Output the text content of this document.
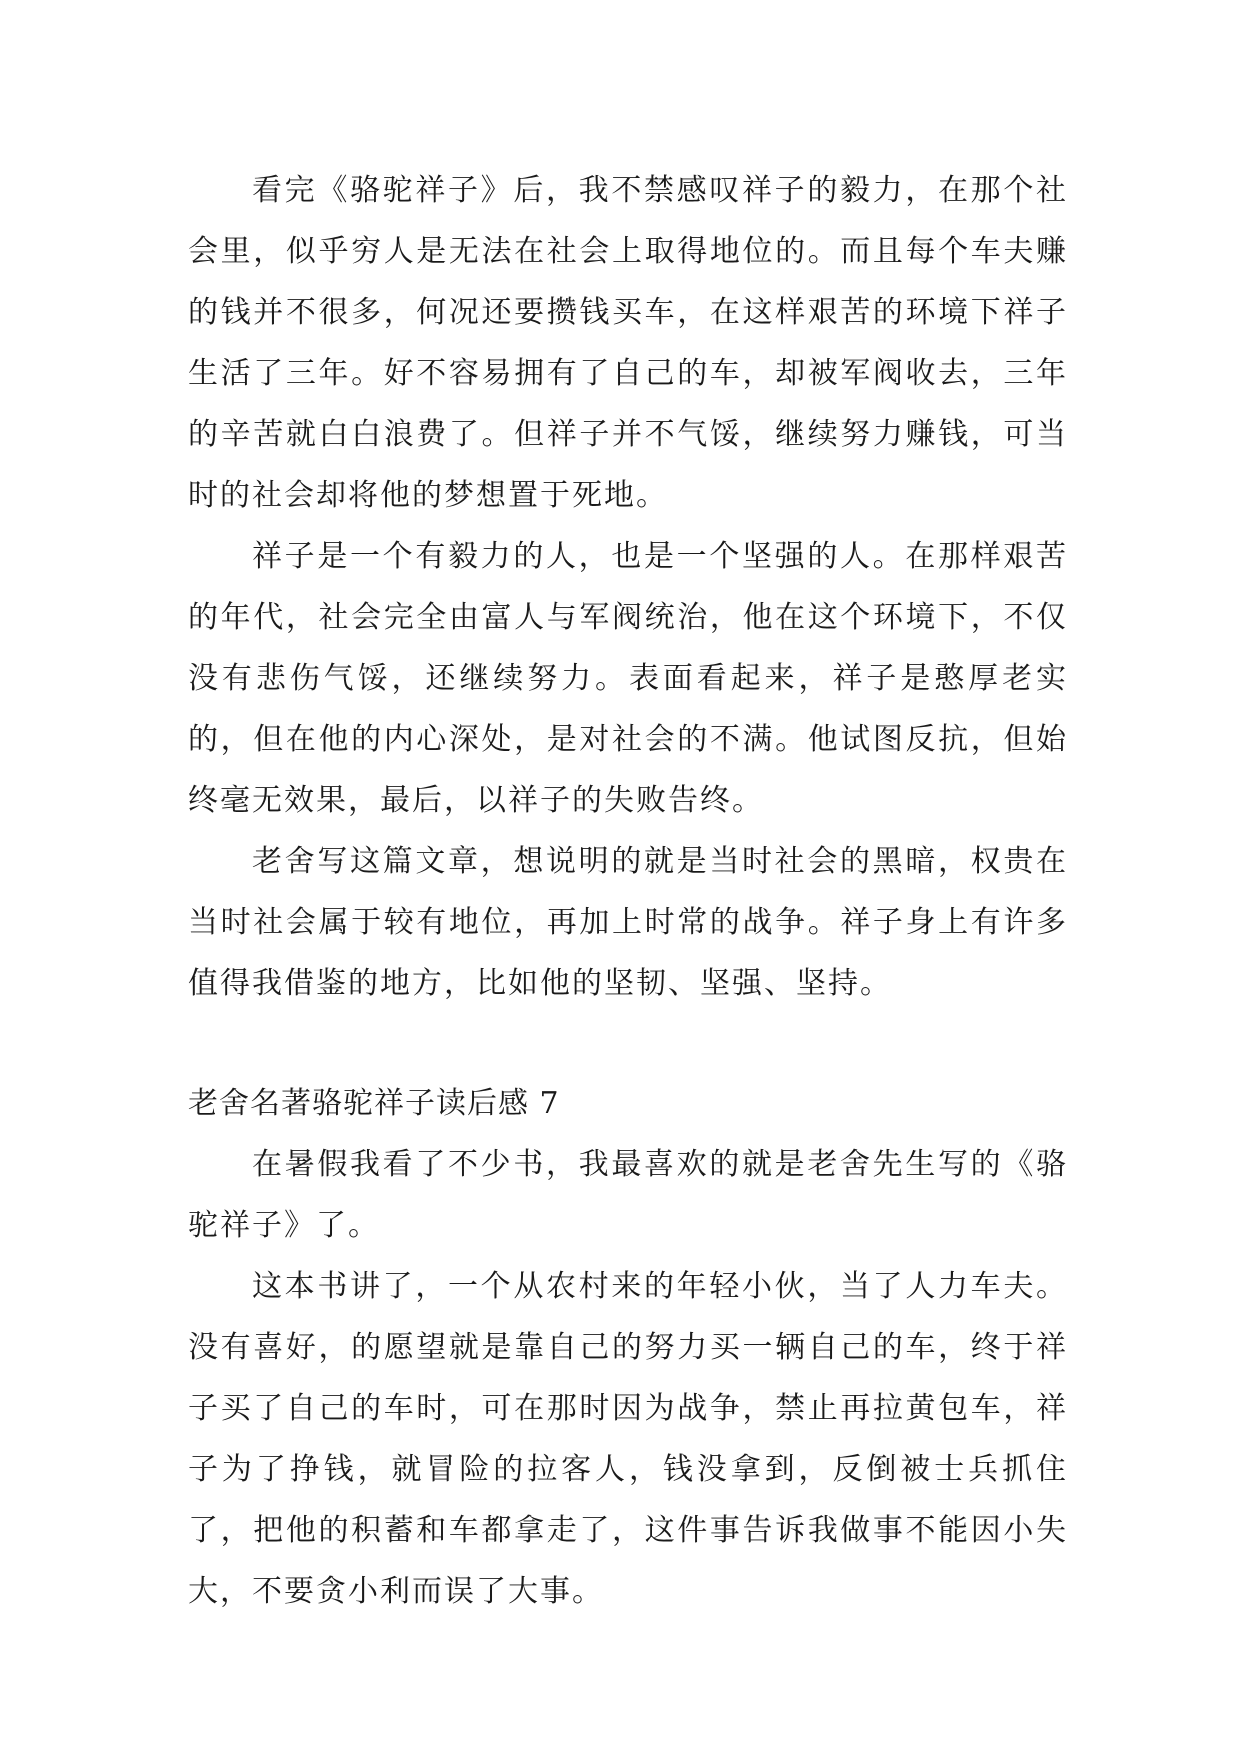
看完《骆驼祥子》后，我不禁感叹祥子的毅力，在那个社会里，似乎穷人是无法在社会上取得地位的。而且每个车夫赚的钱并不很多，何况还要攒钱买车，在这样艰苦的环境下祥子生活了三年。好不容易拥有了自己的车，却被军阀收去，三年的辛苦就白白浪费了。但祥子并不气馁，继续努力赚钱，可当时的社会却将他的梦想置于死地。

祥子是一个有毅力的人，也是一个坚强的人。在那样艰苦的年代，社会完全由富人与军阀统治，他在这个环境下，不仅没有悲伤气馁，还继续努力。表面看起来，祥子是憨厚老实的，但在他的内心深处，是对社会的不满。他试图反抗，但始终毫无效果，最后，以祥子的失败告终。

老舍写这篇文章，想说明的就是当时社会的黑暗，权贵在当时社会属于较有地位，再加上时常的战争。祥子身上有许多值得我借鉴的地方，比如他的坚韧、坚强、坚持。

老舍名著骆驼祥子读后感 7

在暑假我看了不少书，我最喜欢的就是老舍先生写的《骆驼祥子》了。

这本书讲了，一个从农村来的年轻小伙，当了人力车夫。没有喜好，的愿望就是靠自己的努力买一辆自己的车，终于祥子买了自己的车时，可在那时因为战争，禁止再拉黄包车，祥子为了挣钱，就冒险的拉客人，钱没拿到，反倒被士兵抓住了，把他的积蓄和车都拿走了，这件事告诉我做事不能因小失大，不要贪小利而误了大事。
